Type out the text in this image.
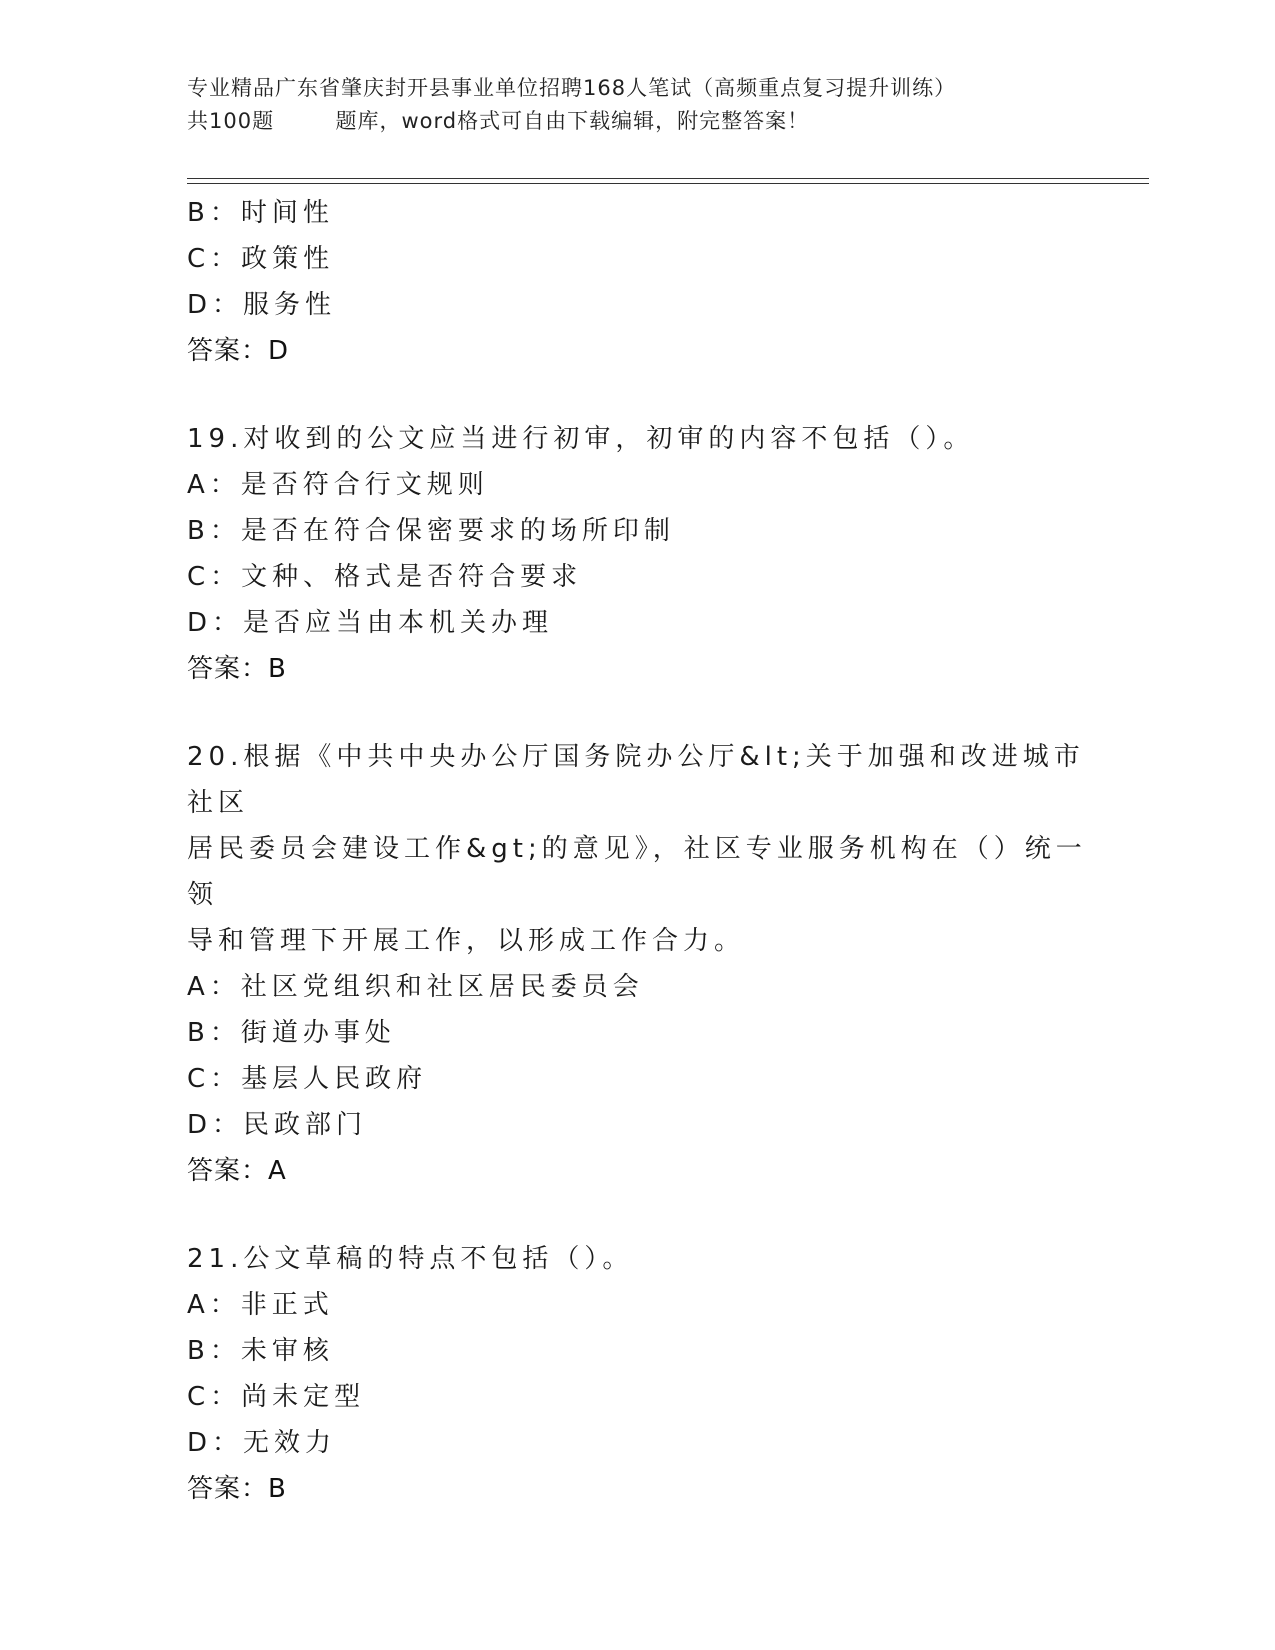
专业精品广东省肇庆封开县事业单位招聘168人笔试（高频重点复习提升训练）
共100题        题库，word格式可自由下载编辑，附完整答案！
B：时间性
C：政策性
D：服务性
答案：D
19.对收到的公文应当进行初审，初审的内容不包括（）。
A：是否符合行文规则
B：是否在符合保密要求的场所印制
C：文种、格式是否符合要求
D：是否应当由本机关办理
答案：B
20.根据《中共中央办公厅国务院办公厅&lt;关于加强和改进城市社区
居民委员会建设工作&gt;的意见》，社区专业服务机构在（）统一领
导和管理下开展工作，以形成工作合力。
A：社区党组织和社区居民委员会
B：街道办事处
C：基层人民政府
D：民政部门
答案：A
21.公文草稿的特点不包括（）。
A：非正式
B：未审核
C：尚未定型
D：无效力
答案：B
